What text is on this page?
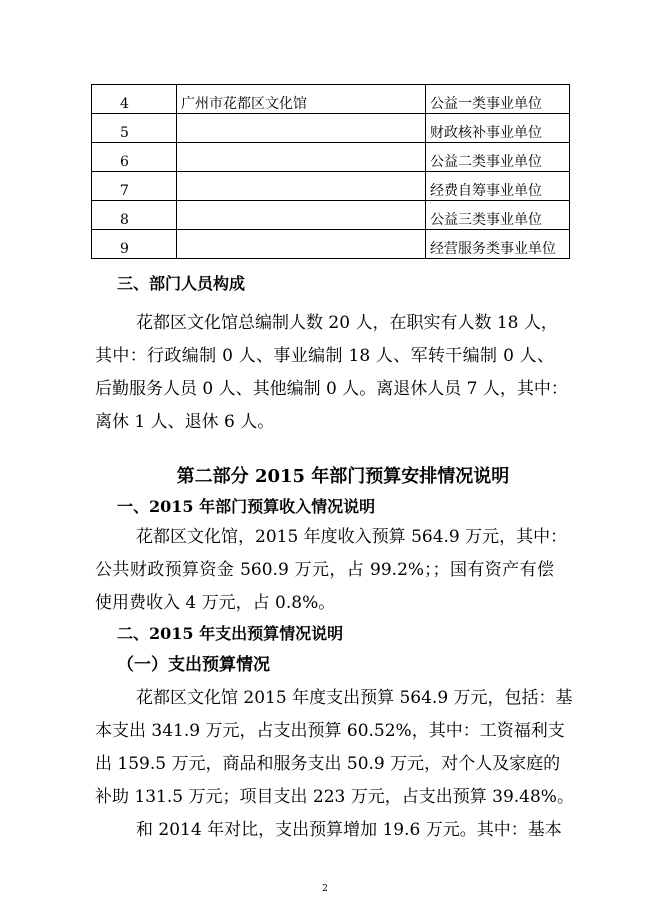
4	广州市花都区文化馆	公益一类事业单位
5		财政核补事业单位
6		公益二类事业单位
7		经费自筹事业单位
8		公益三类事业单位
9		经营服务类事业单位
三、部门人员构成
花都区文化馆总编制人数 20 人，在职实有人数 18 人，
其中：行政编制 0 人、事业编制 18 人、军转干编制 0 人、
后勤服务人员 0 人、其他编制 0 人。离退休人员 7 人，其中：
离休 1 人、退休 6 人。
第二部分 2015 年部门预算安排情况说明
一、2015 年部门预算收入情况说明
花都区文化馆，2015 年度收入预算 564.9 万元，其中：
公共财政预算资金 560.9 万元，占 99.2%；；国有资产有偿
使用费收入 4 万元，占 0.8%。
二、2015 年支出预算情况说明
（一）支出预算情况
花都区文化馆 2015 年度支出预算 564.9 万元，包括：基
本支出 341.9 万元，占支出预算 60.52%，其中：工资福利支
出 159.5 万元，商品和服务支出 50.9 万元，对个人及家庭的
补助 131.5 万元；项目支出 223 万元，占支出预算 39.48%。
和 2014 年对比，支出预算增加 19.6 万元。其中：基本
2
